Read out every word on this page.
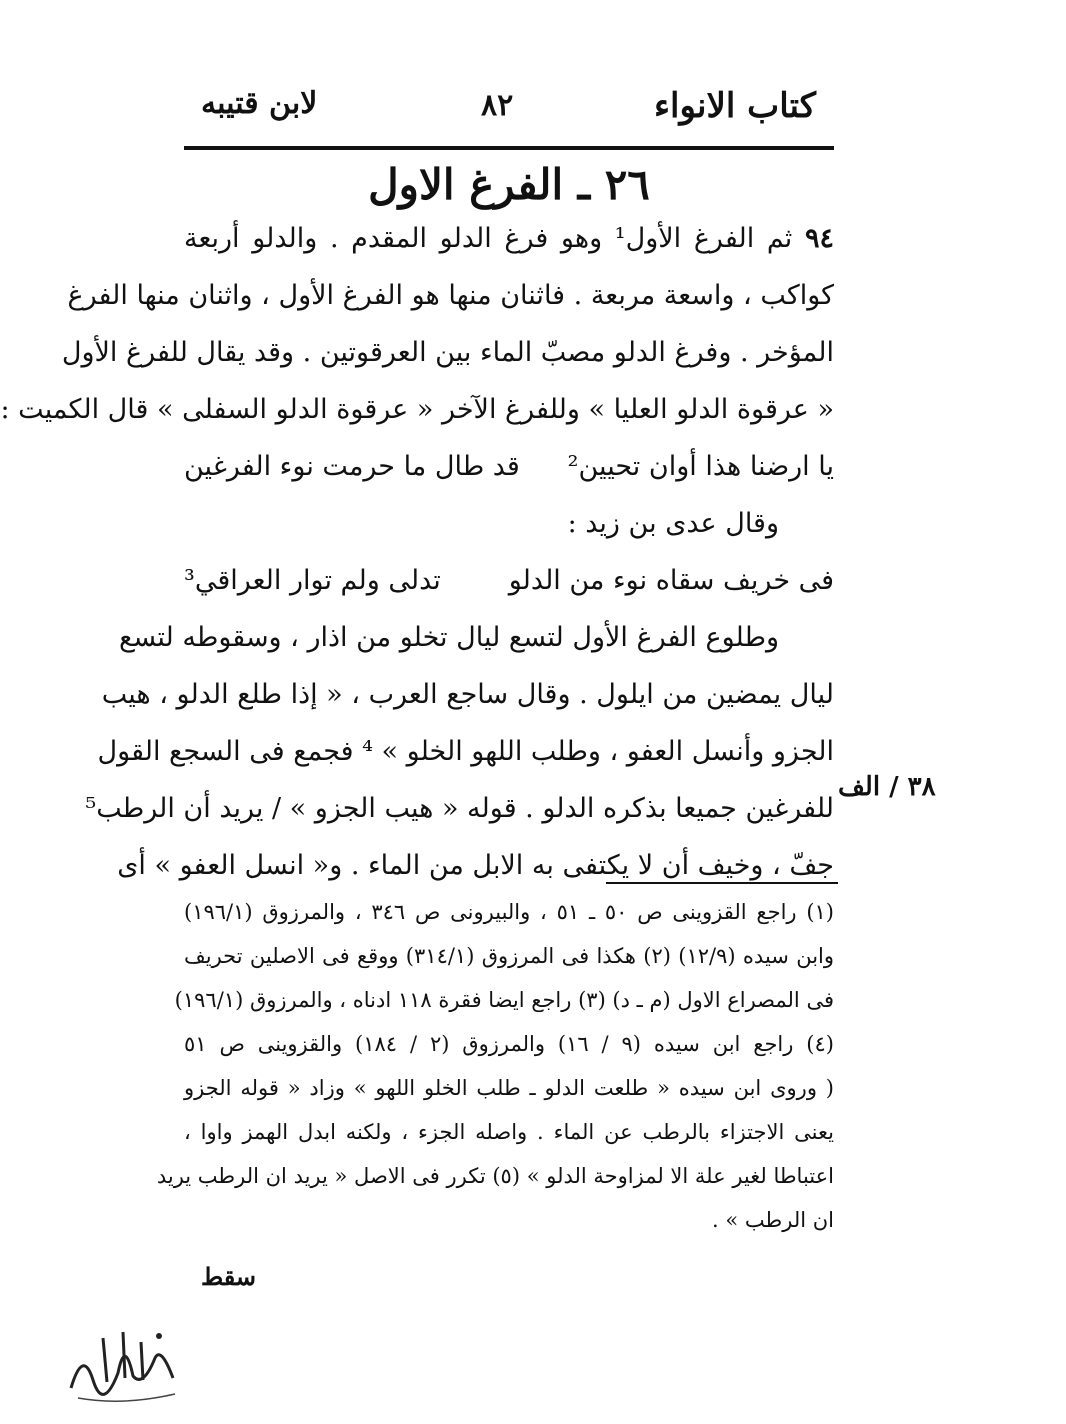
كتاب الانواء
٨٢
لابن قتيبه
٢٦ ـ الفرغ الاول
٩٤ ثم الفرغ الأول¹ وهو فرغ الدلو المقدم . والدلو أربعة
كواكب ، واسعة مربعة . فاثنان منها هو الفرغ الأول ، واثنان منها الفرغ
المؤخر . وفرغ الدلو مصبّ الماء بين العرقوتين . وقد يقال للفرغ الأول
« عرقوة الدلو العليا » وللفرغ الآخر « عرقوة الدلو السفلى » قال الكميت :
يا ارضنا هذا أوان تحيين²
قد طال ما حرمت نوء الفرغين
وقال عدى بن زيد :
فى خريف سقاه نوء من الدلو
تدلى ولم توار العراقي³
وطلوع الفرغ الأول لتسع ليال تخلو من اذار ، وسقوطه لتسع
ليال يمضين من ايلول . وقال ساجع العرب ، « إذا طلع الدلو ، هيب
الجزو وأنسل العفو ، وطلب اللهو الخلو » ⁴ فجمع فى السجع القول
للفرغين جميعا بذكره الدلو . قوله « هيب الجزو » / يريد أن الرطب⁵
جفّ ، وخيف أن لا يكتفى به الابل من الماء . و« انسل العفو » أى
٣٨ / الف
(١) راجع القزوينى ص ٥٠ ـ ٥١ ، والبيرونى ص ٣٤٦ ، والمرزوق (١٩٦/١)
وابن سيده (١٢/٩) (٢) هكذا فى المرزوق (٣١٤/١) ووقع فى الاصلين تحريف
فى المصراع الاول (م ـ د) (٣) راجع ايضا فقرة ١١٨ ادناه ، والمرزوق (١٩٦/١)
(٤) راجع ابن سيده (٩ / ١٦) والمرزوق (٢ / ١٨٤) والقزوينى ص ٥١
( وروى ابن سيده « طلعت الدلو ـ طلب الخلو اللهو » وزاد « قوله الجزو
يعنى الاجتزاء بالرطب عن الماء . واصله الجزء ، ولكنه ابدل الهمز واوا ،
اعتباطا لغير علة الا لمزاوحة الدلو » (٥) تكرر فى الاصل « يريد ان الرطب يريد
ان الرطب » .
سقط
